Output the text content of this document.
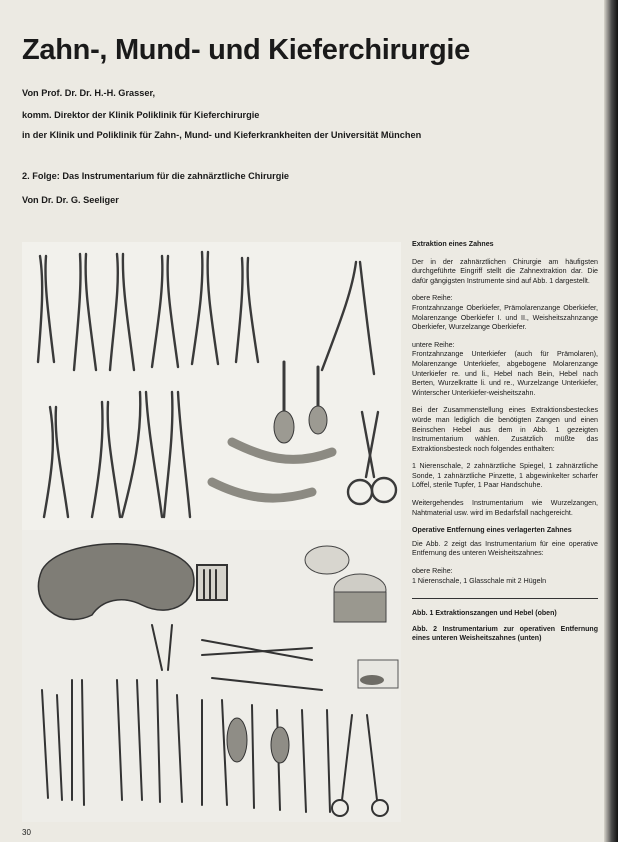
Zahn-, Mund- und Kieferchirurgie

Von Prof. Dr. Dr. H.-H. Grasser,

komm. Direktor der Klinik Poliklinik für Kieferchirurgie

in der Klinik und Poliklinik für Zahn-, Mund- und Kieferkrankheiten der Universität München

2. Folge: Das Instrumentarium für die zahnärztliche Chirurgie

Von Dr. Dr. G. Seeliger

Extraktion eines Zahnes

Der in der zahnärztlichen Chirurgie am häufigsten durchgeführte Eingriff stellt die Zahnextraktion dar. Die dafür gängigsten Instrumente sind auf Abb. 1 dargestellt.

obere Reihe:
Frontzahnzange Oberkiefer, Prämolarenzange Oberkiefer, Molarenzange Oberkiefer I. und II., Weisheitszahnzange Oberkiefer, Wurzelzange Oberkiefer.

untere Reihe:
Frontzahnzange Unterkiefer (auch für Prämolaren), Molarenzange Unterkiefer, abgebogene Molarenzange Unterkiefer re. und li., Hebel nach Bein, Hebel nach Berten, Wurzelkratte li. und re., Wurzelzange Unterkiefer, Winterscher Unterkiefer-weisheitszahn.

Bei der Zusammenstellung eines Extraktionsbesteckes würde man lediglich die benötigten Zangen und einen Beinschen Hebel aus dem in Abb. 1 gezeigten Instrumentarium wählen. Zusätzlich müßte das Extraktionsbesteck noch folgendes enthalten:

1 Nierenschale, 2 zahnärztliche Spiegel, 1 zahnärztliche Sonde, 1 zahnärztliche Pinzette, 1 abgewinkelter scharfer Löffel, sterile Tupfer, 1 Paar Handschuhe.

Weitergehendes Instrumentarium wie Wurzelzangen, Nahtmaterial usw. wird im Bedarfsfall nachgereicht.

Operative Entfernung eines verlagerten Zahnes

Die Abb. 2 zeigt das Instrumentarium für eine operative Entfernung des unteren Weisheitszahnes:

obere Reihe:
1 Nierenschale, 1 Glasschale mit 2 Hügeln

Abb. 1 Extraktionszangen und Hebel (oben)

Abb. 2 Instrumentarium zur operativen Entfernung eines unteren Weisheitszahnes (unten)

30
